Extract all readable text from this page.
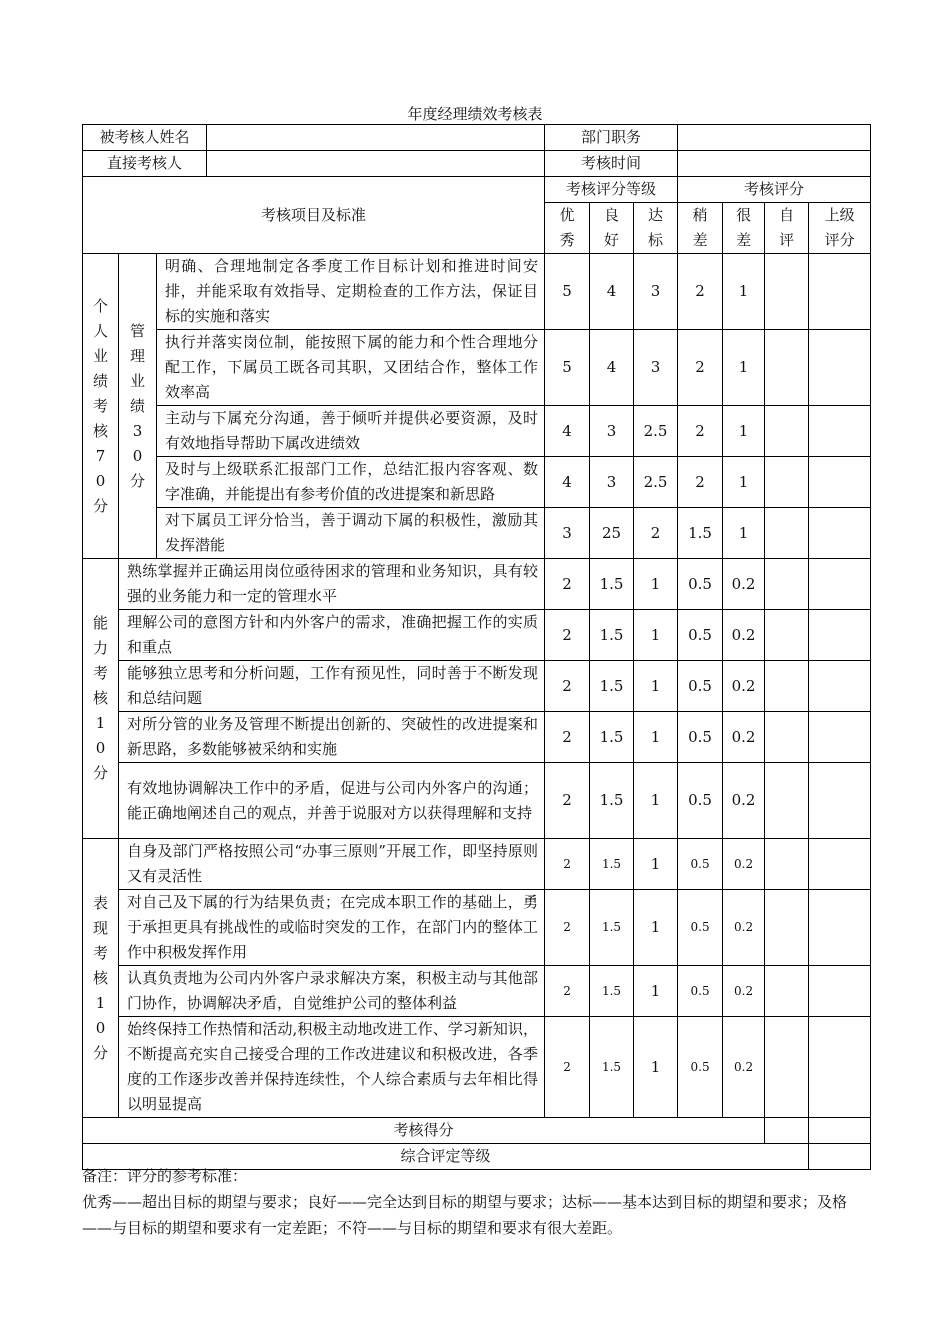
年度经理绩效考核表
被考核人姓名				部门职务						
直接考核人				考核时间						
考核项目及标准				考核评分等级			考核评分			

				优秀	良好	达标	稍差	很差	自评	上级评分

个人业绩考核70分	管理业绩30分	明确、合理地制定各季度工作目标计划和推进时间安排，并能采取有效指导、定期检查的工作方法，保证目标的实施和落实		5	4	3	2	1		
		执行并落实岗位制，能按照下属的能力和个性合理地分配工作，下属员工既各司其职，又团结合作，整体工作效率高		5	4	3	2	1		
		主动与下属充分沟通，善于倾听并提供必要资源，及时有效地指导帮助下属改进绩效		4	3	2.5	2	1		
		及时与上级联系汇报部门工作，总结汇报内容客观、数字准确，并能提出有参考价值的改进提案和新思路		4	3	2.5	2	1		
		对下属员工评分恰当，善于调动下属的积极性，激励其发挥潜能		3	25	2	1.5	1		

能力考核10分	熟练掌握并正确运用岗位亟待困求的管理和业务知识，具有较强的业务能力和一定的管理水平			2	1.5	1	0.5	0.2		
	理解公司的意图方针和内外客户的需求，准确把握工作的实质和重点			2	1.5	1	0.5	0.2		
	能够独立思考和分析问题，工作有预见性，同时善于不断发现和总结问题			2	1.5	1	0.5	0.2		
	对所分管的业务及管理不断提出创新的、突破性的改进提案和新思路，多数能够被采纳和实施			2	1.5	1	0.5	0.2		
	有效地协调解决工作中的矛盾，促进与公司内外客户的沟通；能正确地阐述自己的观点，并善于说服对方以获得理解和支持			2	1.5	1	0.5	0.2		

表现考核10分	自身及部门严格按照公司“办事三原则”开展工作，即坚持原则又有灵活性			2	1.5	1	0.5	0.2		
	对自己及下属的行为结果负责；在完成本职工作的基础上，勇于承担更具有挑战性的或临时突发的工作，在部门内的整体工作中积极发挥作用			2	1.5	1	0.5	0.2		
	认真负责地为公司内外客户录求解决方案，积极主动与其他部门协作，协调解决矛盾，自觉维护公司的整体利益			2	1.5	1	0.5	0.2		
	始终保持工作热情和活动,积极主动地改进工作、学习新知识，不断提高充实自己接受合理的工作改进建议和积极改进，各季度的工作逐步改善并保持连续性，个人综合素质与去年相比得以明显提高			2	1.5	1	0.5	0.2		
考核得分										
综合评定等级										
备注：评分的参考标准：
优秀——超出目标的期望与要求；良好——完全达到目标的期望与要求；达标——基本达到目标的期望和要求；及格——与目标的期望和要求有一定差距；不符——与目标的期望和要求有很大差距。
